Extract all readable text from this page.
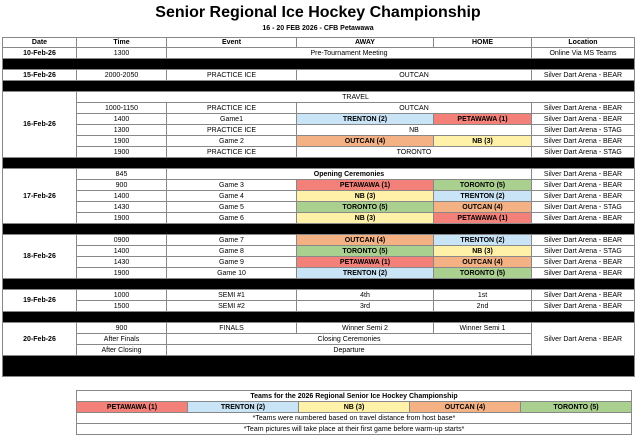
Senior Regional Ice Hockey Championship
16 - 20 FEB 2026 - CFB Petawawa
Date	Time	Event	AWAY	HOME	Location
10-Feb-26	1300	Pre-Tournament Meeting			Online Via MS Teams

15-Feb-26	2000-2050	PRACTICE ICE	OUTCAN		Silver Dart Arena - BEAR

16-Feb-26	TRAVEL				
	1000-1150	PRACTICE ICE	OUTCAN		Silver Dart Arena - BEAR
	1400	Game1	TRENTON (2)	PETAWAWA (1)	Silver Dart Arena - BEAR
	1300	PRACTICE ICE	NB		Silver Dart Arena - STAG
	1900	Game 2	OUTCAN (4)	NB (3)	Silver Dart Arena - BEAR
	1900	PRACTICE ICE	TORONTO		Silver Dart Arena - STAG

17-Feb-26	845	Opening Ceremonies			Silver Dart Arena - BEAR
	900	Game 3	PETAWAWA (1)	TORONTO (5)	Silver Dart Arena - BEAR
	1400	Game 4	NB (3)	TRENTON (2)	Silver Dart Arena - BEAR
	1430	Game 5	TORONTO (5)	OUTCAN (4)	Silver Dart Arena - STAG
	1900	Game 6	NB (3)	PETAWAWA (1)	Silver Dart Arena - BEAR

18-Feb-26	0900	Game 7	OUTCAN (4)	TRENTON (2)	Silver Dart Arena - BEAR
	1400	Game 8	TORONTO (5)	NB (3)	Silver Dart Arena - STAG
	1430	Game 9	PETAWAWA (1)	OUTCAN (4)	Silver Dart Arena - BEAR
	1900	Game 10	TRENTON (2)	TORONTO (5)	Silver Dart Arena - BEAR

19-Feb-26	1000	SEMI #1	4th	1st	Silver Dart Arena - BEAR
	1500	SEMI #2	3rd	2nd	Silver Dart Arena - BEAR

20-Feb-26	900	FINALS	Winner Semi 2	Winner Semi 1	Silver Dart Arena - BEAR
	After Finals	Closing Ceremonies			
	After Closing	Departure			

Teams for the 2026 Regional Senior Ice Hockey Championship
PETAWAWA (1)	TRENTON (2)	NB (3)	OUTCAN (4)	TORONTO (5)
*Teams were numbered based on travel distance from host base*
*Team pictures will take place at their first game before warm-up starts*
